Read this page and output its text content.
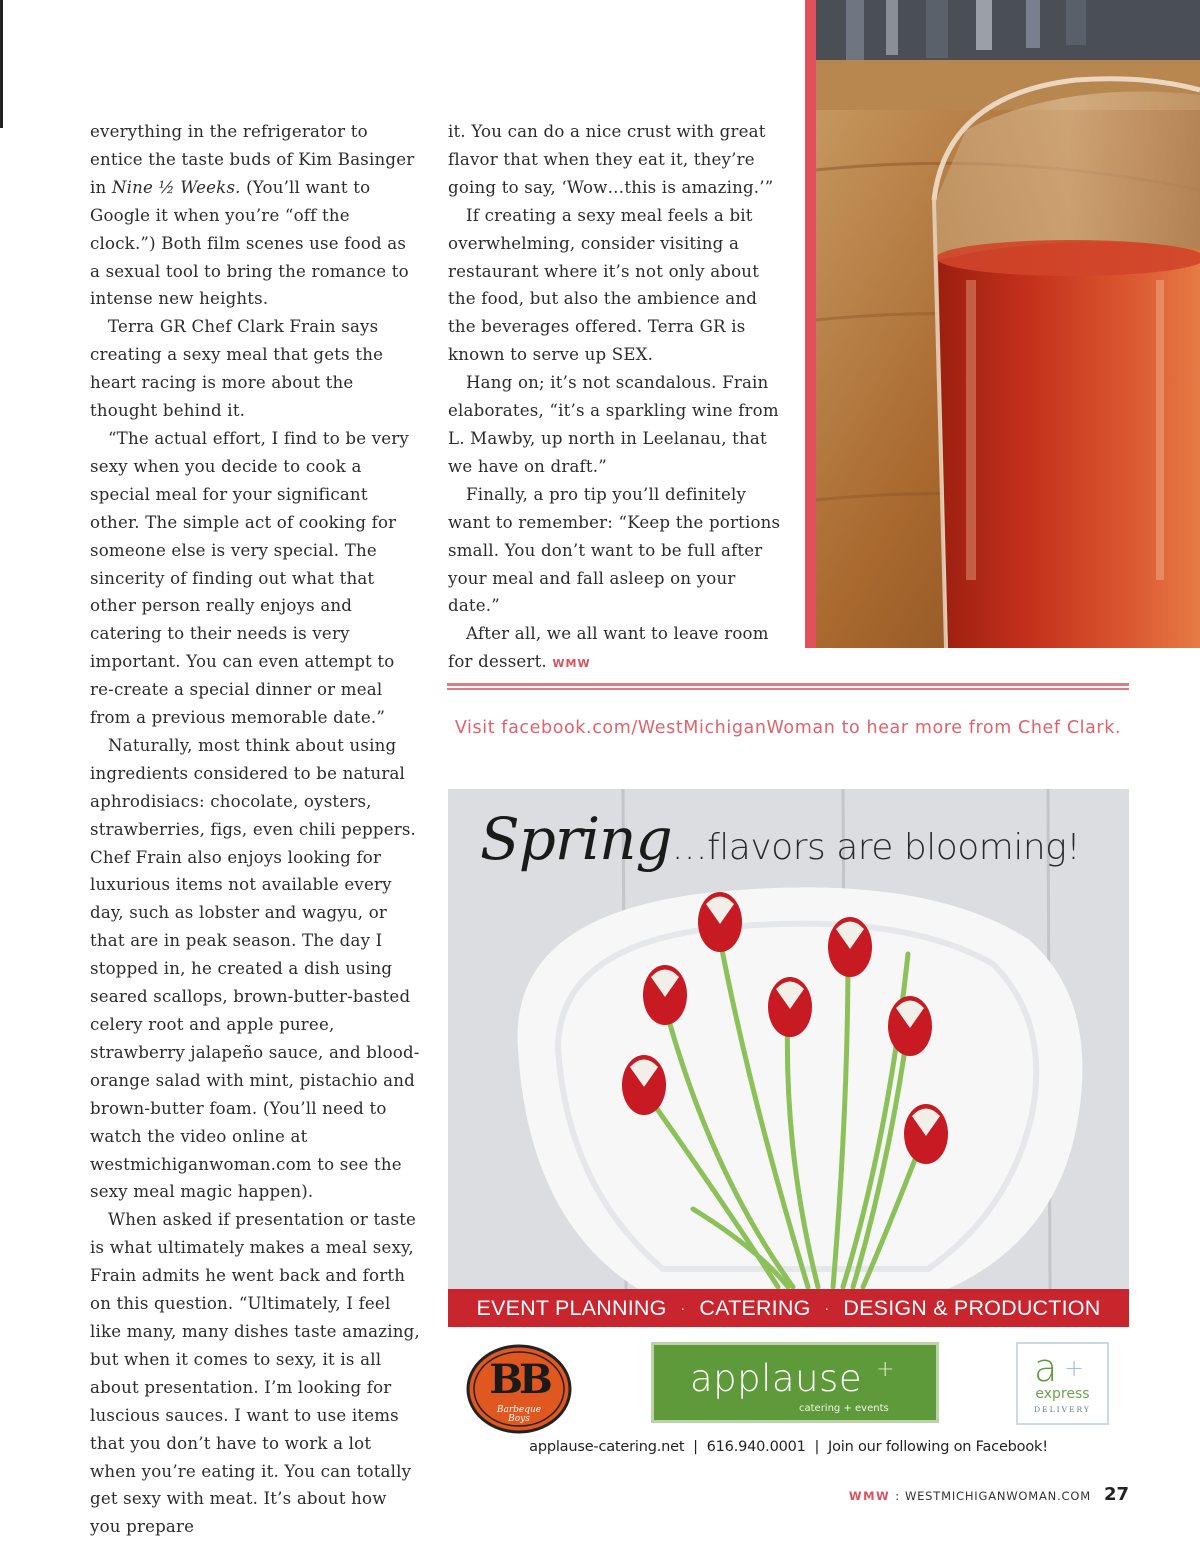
everything in the refrigerator to entice the taste buds of Kim Basinger in Nine ½ Weeks. (You’ll want to Google it when you’re “off the clock.”) Both film scenes use food as a sexual tool to bring the romance to intense new heights.

Terra GR Chef Clark Frain says creating a sexy meal that gets the heart racing is more about the thought behind it.

“The actual effort, I find to be very sexy when you decide to cook a special meal for your significant other. The simple act of cooking for someone else is very special. The sincerity of finding out what that other person really enjoys and catering to their needs is very important. You can even attempt to re-create a special dinner or meal from a previous memorable date.”

Naturally, most think about using ingredients considered to be natural aphrodisiacs: chocolate, oysters, strawberries, figs, even chili peppers. Chef Frain also enjoys looking for luxurious items not available every day, such as lobster and wagyu, or that are in peak season. The day I stopped in, he created a dish using seared scallops, brown-butter-basted celery root and apple puree, strawberry jalapeño sauce, and blood-orange salad with mint, pistachio and brown-butter foam. (You’ll need to watch the video online at westmichiganwoman.com to see the sexy meal magic happen).

When asked if presentation or taste is what ultimately makes a meal sexy, Frain admits he went back and forth on this question. “Ultimately, I feel like many, many dishes taste amazing, but when it comes to sexy, it is all about presentation. I’m looking for luscious sauces. I want to use items that you don’t have to work a lot when you’re eating it. You can totally get sexy with meat. It’s about how you prepare

it. You can do a nice crust with great flavor that when they eat it, they’re going to say, ‘Wow…this is amazing.’”

If creating a sexy meal feels a bit overwhelming, consider visiting a restaurant where it’s not only about the food, but also the ambience and the beverages offered. Terra GR is known to serve up SEX.

Hang on; it’s not scandalous. Frain elaborates, “it’s a sparkling wine from L. Mawby, up north in Leelanau, that we have on draft.”

Finally, a pro tip you’ll definitely want to remember: “Keep the portions small. You don’t want to be full after your meal and fall asleep on your date.”

After all, we all want to leave room for dessert. WMW

Visit facebook.com/WestMichiganWoman to hear more from Chef Clark.
Spring…flavors are blooming!
EVENT PLANNING · CATERING · DESIGN & PRODUCTION
BB
Barbeque Boys
applause +
catering + events
a +
express
DELIVERY
applause-catering.net  |  616.940.0001  |  Join our following on Facebook!
WMW : WESTMICHIGANWOMAN.COM 27
